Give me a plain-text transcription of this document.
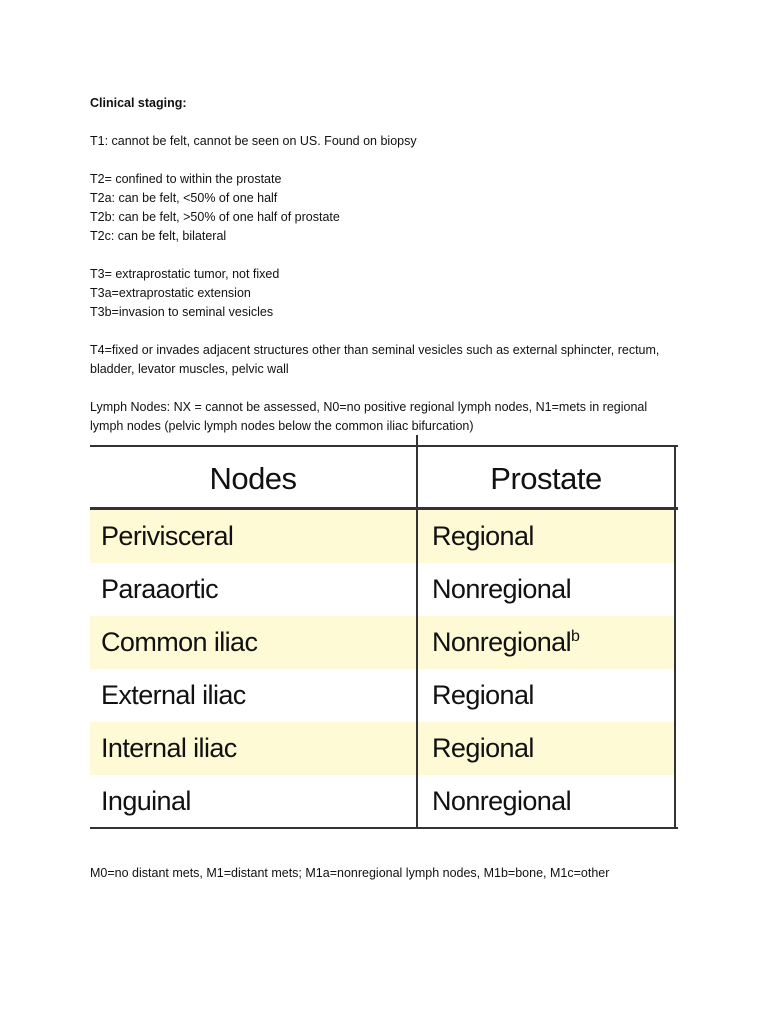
Clinical staging:

T1: cannot be felt, cannot be seen on US. Found on biopsy

T2= confined to within the prostate

T2a: can be felt, <50% of one half

T2b: can be felt, >50% of one half of prostate

T2c: can be felt, bilateral

T3= extraprostatic tumor, not fixed

T3a=extraprostatic extension

T3b=invasion to seminal vesicles

T4=fixed or invades adjacent structures other than seminal vesicles such as external sphincter, rectum, bladder, levator muscles, pelvic wall

Lymph Nodes: NX = cannot be assessed, N0=no positive regional lymph nodes, N1=mets in regional lymph nodes (pelvic lymph nodes below the common iliac bifurcation)

Nodes	Prostate
Perivisceral	Regional
Paraaortic	Nonregional
Common iliac	Nonregional$^b$
External iliac	Regional
Internal iliac	Regional
Inguinal	Nonregional

M0=no distant mets, M1=distant mets; M1a=nonregional lymph nodes, M1b=bone, M1c=other
